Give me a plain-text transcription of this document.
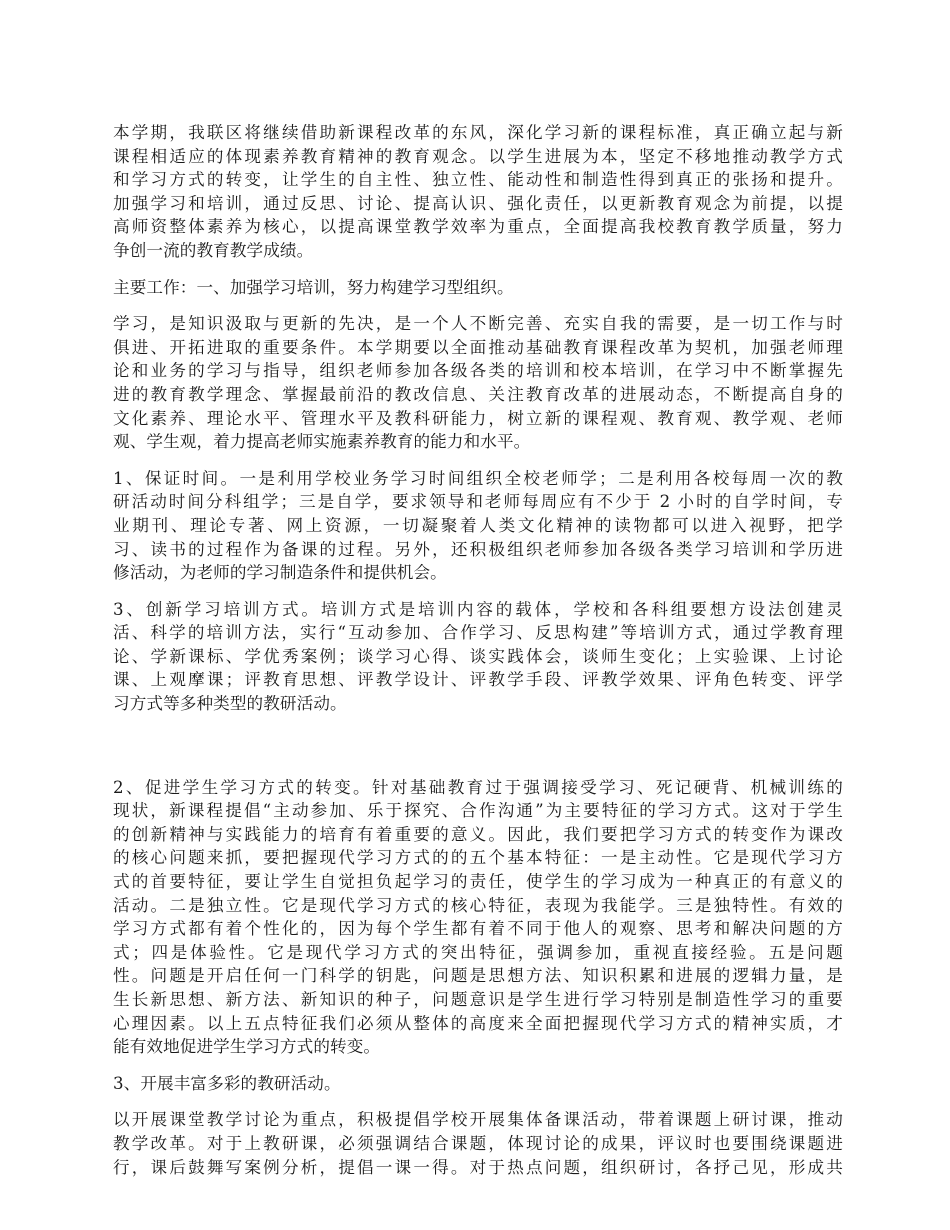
本学期，我联区将继续借助新课程改革的东风，深化学习新的课程标准，真正确立起与新
课程相适应的体现素养教育精神的教育观念。以学生进展为本，坚定不移地推动教学方式
和学习方式的转变，让学生的自主性、独立性、能动性和制造性得到真正的张扬和提升。
加强学习和培训，通过反思、讨论、提高认识、强化责任，以更新教育观念为前提，以提
高师资整体素养为核心，以提高课堂教学效率为重点，全面提高我校教育教学质量，努力
争创一流的教育教学成绩。
主要工作：一、加强学习培训，努力构建学习型组织。
学习，是知识汲取与更新的先决，是一个人不断完善、充实自我的需要，是一切工作与时
俱进、开拓进取的重要条件。本学期要以全面推动基础教育课程改革为契机，加强老师理
论和业务的学习与指导，组织老师参加各级各类的培训和校本培训，在学习中不断掌握先
进的教育教学理念、掌握最前沿的教改信息、关注教育改革的进展动态，不断提高自身的
文化素养、理论水平、管理水平及教科研能力，树立新的课程观、教育观、教学观、老师
观、学生观，着力提高老师实施素养教育的能力和水平。
1、保证时间。一是利用学校业务学习时间组织全校老师学；二是利用各校每周一次的教
研活动时间分科组学；三是自学，要求领导和老师每周应有不少于 2 小时的自学时间，专
业期刊、理论专著、网上资源，一切凝聚着人类文化精神的读物都可以进入视野，把学
习、读书的过程作为备课的过程。另外，还积极组织老师参加各级各类学习培训和学历进
修活动，为老师的学习制造条件和提供机会。
3、创新学习培训方式。培训方式是培训内容的载体，学校和各科组要想方设法创建灵
活、科学的培训方法，实行“互动参加、合作学习、反思构建”等培训方式，通过学教育理
论、学新课标、学优秀案例；谈学习心得、谈实践体会，谈师生变化；上实验课、上讨论
课、上观摩课；评教育思想、评教学设计、评教学手段、评教学效果、评角色转变、评学
习方式等多种类型的教研活动。
2、促进学生学习方式的转变。针对基础教育过于强调接受学习、死记硬背、机械训练的
现状，新课程提倡“主动参加、乐于探究、合作沟通”为主要特征的学习方式。这对于学生
的创新精神与实践能力的培育有着重要的意义。因此，我们要把学习方式的转变作为课改
的核心问题来抓，要把握现代学习方式的的五个基本特征：一是主动性。它是现代学习方
式的首要特征，要让学生自觉担负起学习的责任，使学生的学习成为一种真正的有意义的
活动。二是独立性。它是现代学习方式的核心特征，表现为我能学。三是独特性。有效的
学习方式都有着个性化的，因为每个学生都有着不同于他人的观察、思考和解决问题的方
式；四是体验性。它是现代学习方式的突出特征，强调参加，重视直接经验。五是问题
性。问题是开启任何一门科学的钥匙，问题是思想方法、知识积累和进展的逻辑力量，是
生长新思想、新方法、新知识的种子，问题意识是学生进行学习特别是制造性学习的重要
心理因素。以上五点特征我们必须从整体的高度来全面把握现代学习方式的精神实质，才
能有效地促进学生学习方式的转变。
3、开展丰富多彩的教研活动。
以开展课堂教学讨论为重点，积极提倡学校开展集体备课活动，带着课题上研讨课，推动
教学改革。对于上教研课，必须强调结合课题，体现讨论的成果，评议时也要围绕课题进
行，课后鼓舞写案例分析，提倡一课一得。对于热点问题，组织研讨，各抒己见，形成共
